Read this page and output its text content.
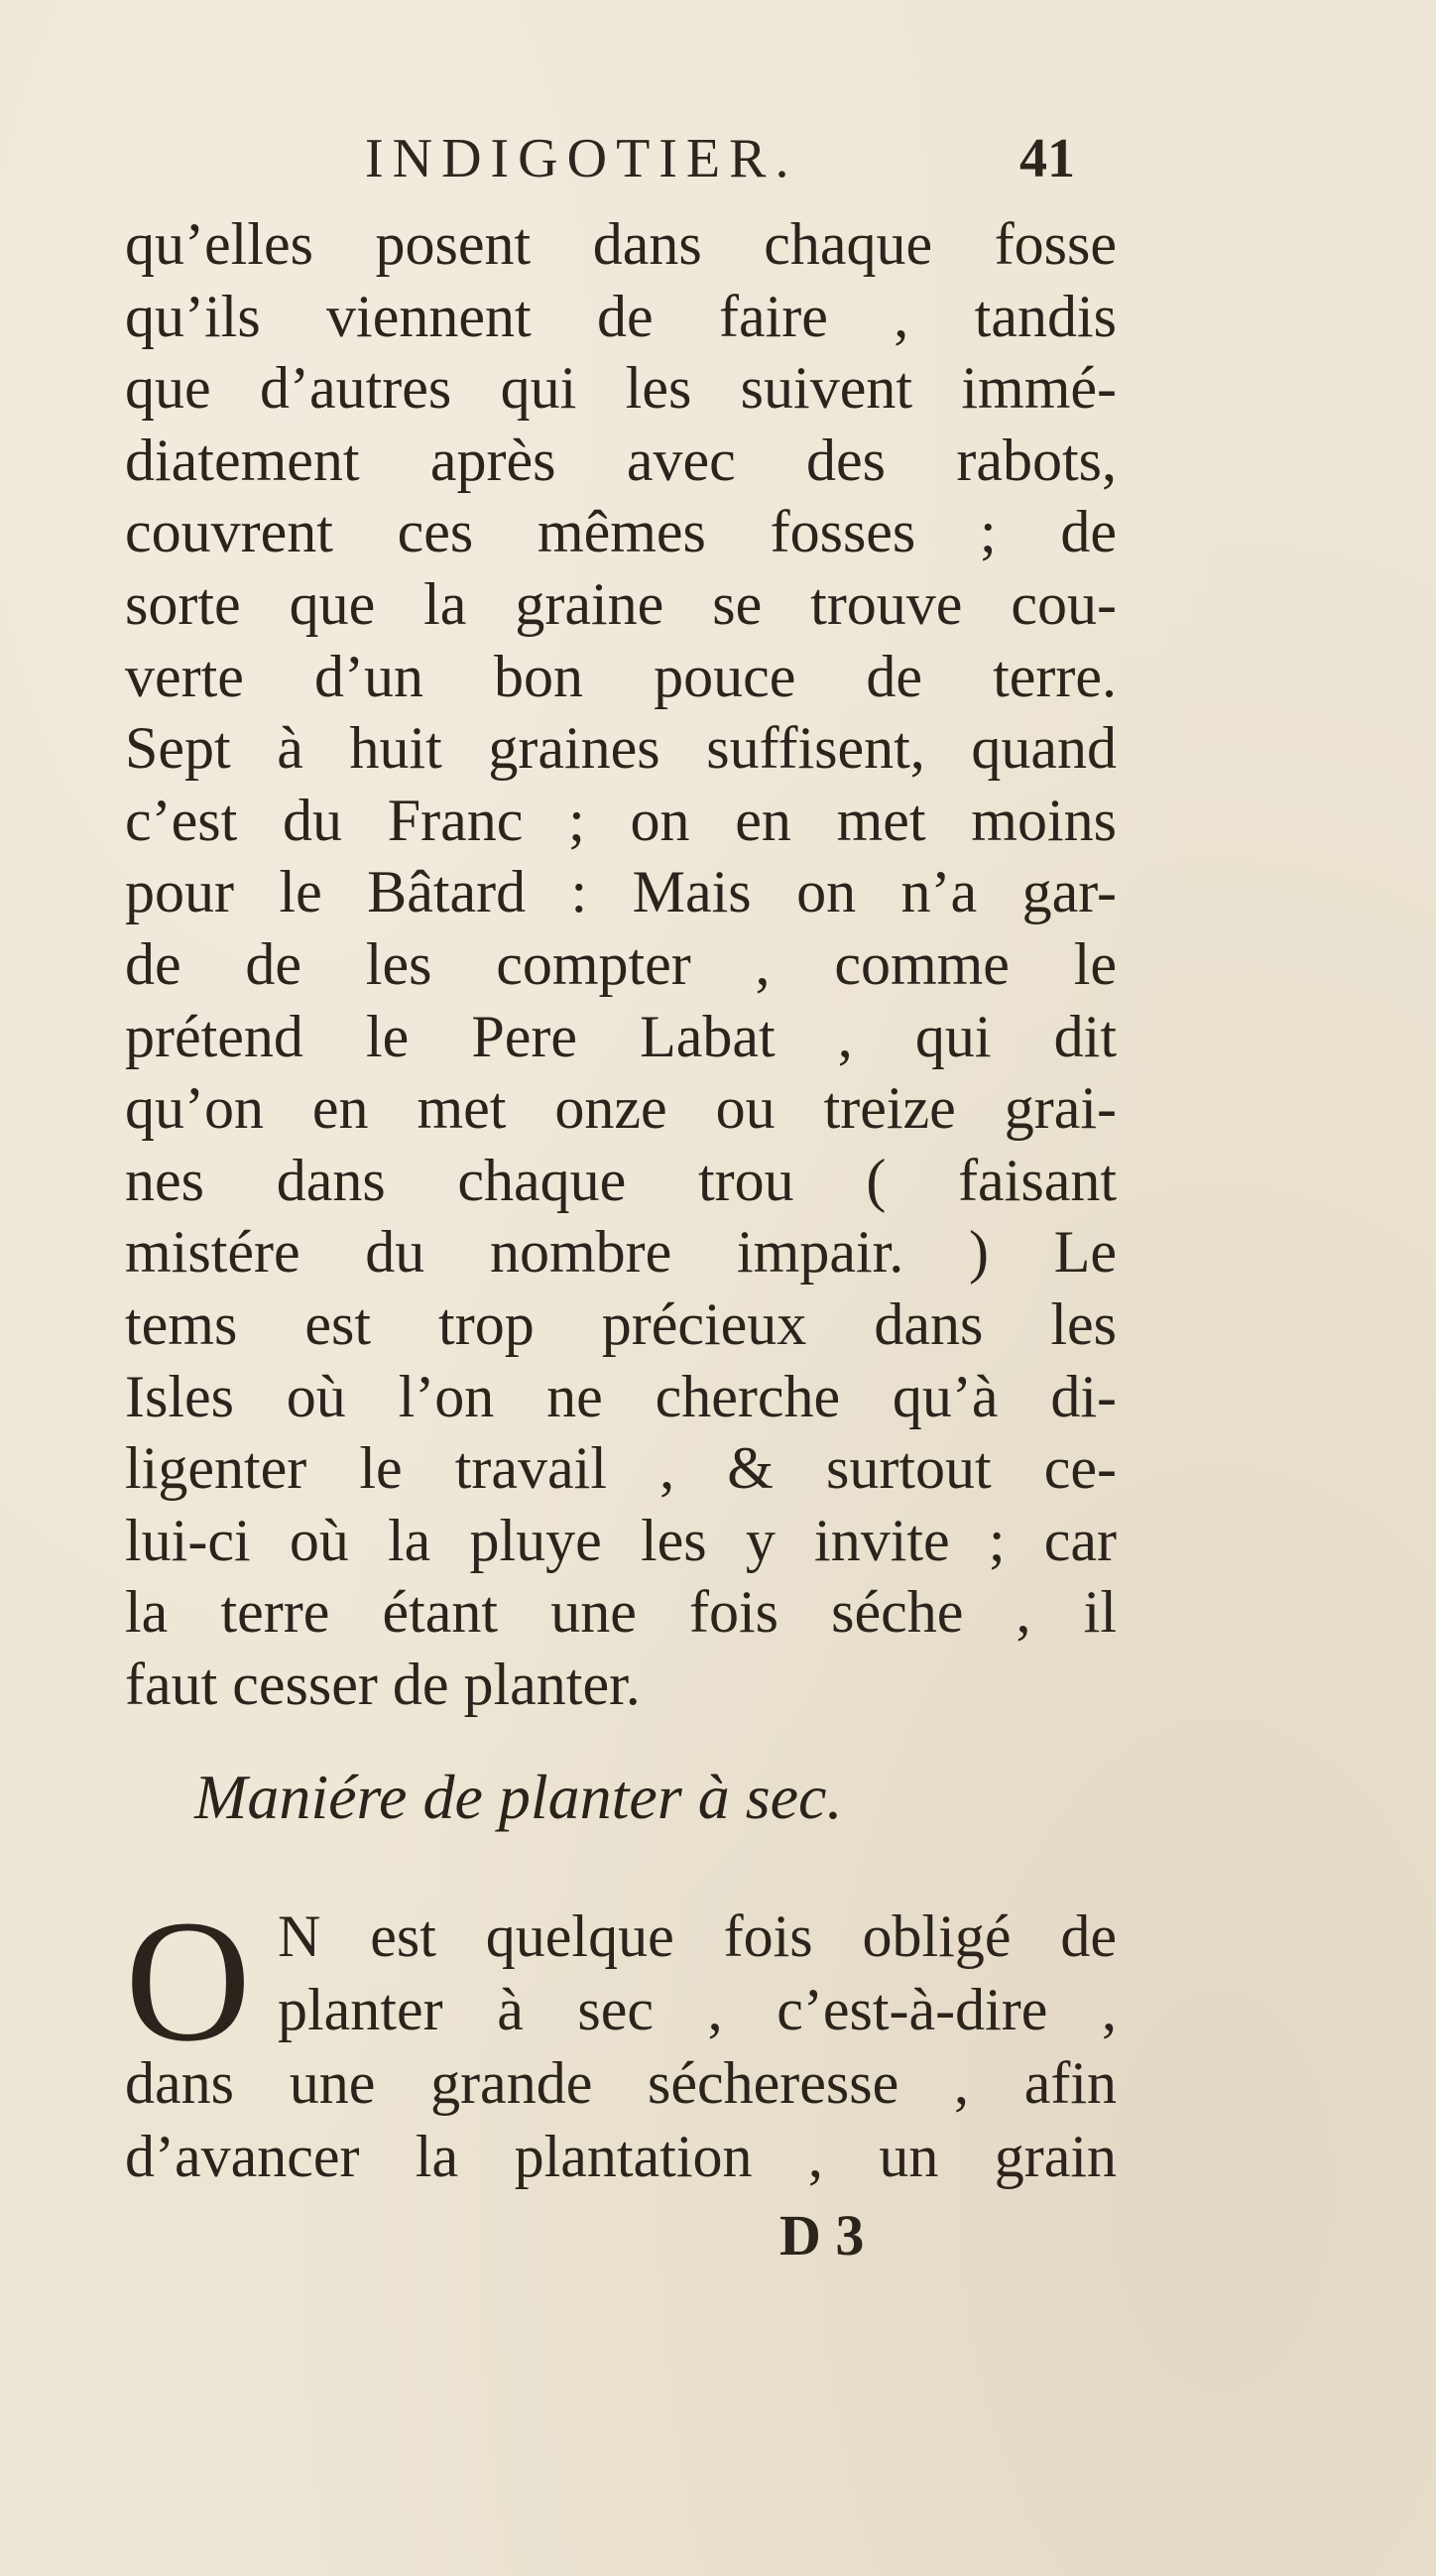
INDIGOTIER.	41
qu’elles posent dans chaque fosse
qu’ils viennent de faire , tandis
que d’autres qui les suivent immé-
diatement après avec des rabots,
couvrent ces mêmes fosses ; de
sorte que la graine se trouve cou-
verte d’un bon pouce de terre.
Sept à huit graines suffisent, quand
c’est du Franc ; on en met moins
pour le Bâtard : Mais on n’a gar-
de de les compter , comme le
prétend le Pere Labat , qui dit
qu’on en met onze ou treize grai-
nes dans chaque trou ( faisant
mistére du nombre impair. ) Le
tems est trop précieux dans les
Isles où l’on ne cherche qu’à di-
ligenter le travail , & surtout ce-
lui-ci où la pluye les y invite ; car
la terre étant une fois séche , il
faut cesser de planter.
Maniére de planter à sec.
O N est quelque fois obligé de
planter à sec , c’est-à-dire ,
dans une grande sécheresse , afin
d’avancer la plantation , un grain
D 3
